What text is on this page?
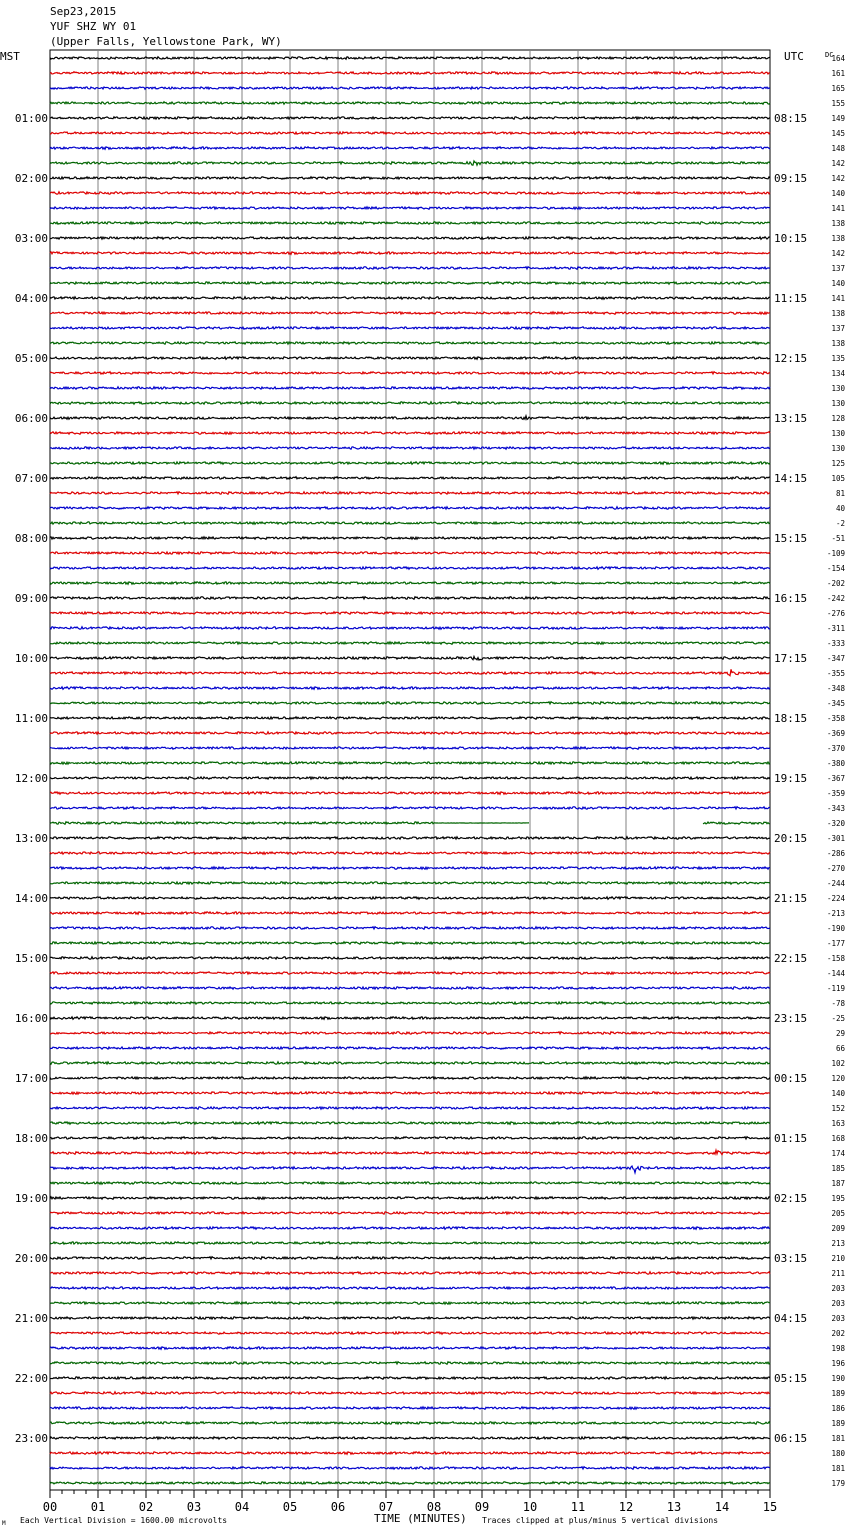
Sep23,2015
YUF SHZ WY 01
(Upper Falls, Yellowstone Park, WY)
MST	UTC	DC
01:00
02:00
03:00
04:00
05:00
06:00
07:00
08:00
09:00
10:00
11:00
12:00
13:00
14:00
15:00
16:00
17:00
18:00
19:00
20:00
21:00
22:00
23:00
08:15
09:15
10:15
11:15
12:15
13:15
14:15
15:15
16:15
17:15
18:15
19:15
20:15
21:15
22:15
23:15
00:15
01:15
02:15
03:15
04:15
05:15
06:15
164
161
165
155
149
145
148
142
142
140
141
138
138
142
137
140
141
138
137
138
135
134
130
130
128
130
130
125
105
81
40
-2
-51
-109
-154
-202
-242
-276
-311
-333
-347
-355
-348
-345
-358
-369
-370
-380
-367
-359
-343
-320
-301
-286
-270
-244
-224
-213
-190
-177
-158
-144
-119
-78
-25
29
66
102
120
140
152
163
168
174
185
187
195
205
209
213
210
211
203
203
203
202
198
196
190
189
186
189
181
180
181
179
00	01	02	03	04	05	06	07	08	09	10	11	12	13	14	15
TIME (MINUTES)
Each Vertical Division = 1600.00 microvolts	Traces clipped at plus/minus 5 vertical divisions
M
